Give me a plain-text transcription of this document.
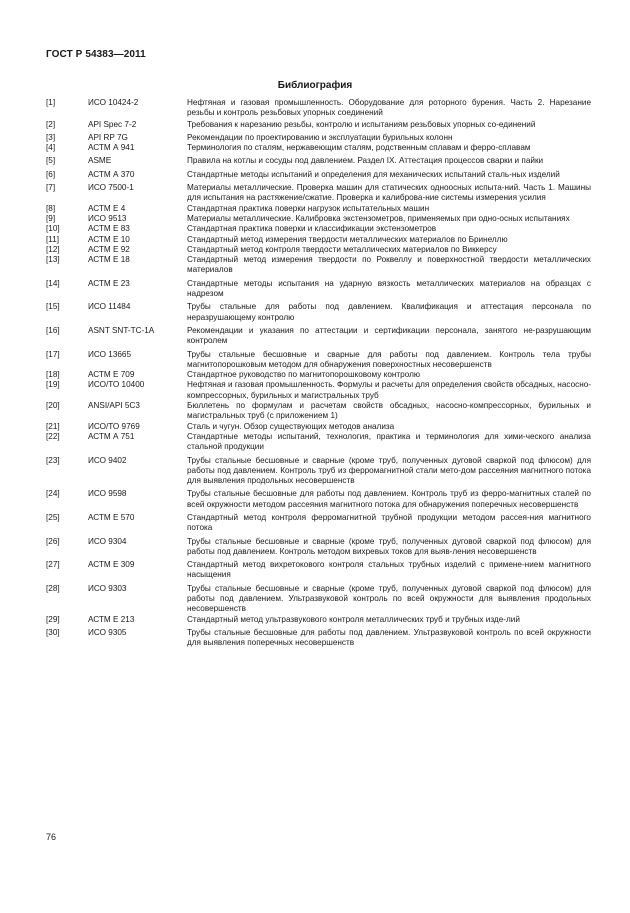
ГОСТ Р 54383—2011
Библиография
[1]	ИСО 10424-2	Нефтяная и газовая промышленность. Оборудование для роторного бурения. Часть 2. Нарезание резьбы и контроль резьбовых упорных соединений
[2]	API Spec 7-2	Требования к нарезанию резьбы, контролю и испытаниям резьбовых упорных со-единений
[3]	API RP 7G	Рекомендации по проектированию и эксплуатации бурильных колонн
[4]	АСТМ А 941	Терминология по сталям, нержавеющим сталям, родственным сплавам и ферро-сплавам
[5]	ASME	Правила на котлы и сосуды под давлением. Раздел IX. Аттестация процессов сварки и пайки
[6]	АСТМ А 370	Стандартные методы испытаний и определения для механических испытаний сталь-ных изделий
[7]	ИСО 7500-1	Материалы металлические. Проверка машин для статических одноосных испыта-ний. Часть 1. Машины для испытания на растяжение/сжатие. Проверка и калиброва-ние системы измерения усилия
[8]	АСТМ Е 4	Стандартная практика поверки нагрузок испытательных машин
[9]	ИСО 9513	Материалы металлические. Калибровка экстензометров, применяемых при одно-осных испытаниях
[10]	АСТМ Е 83	Стандартная практика поверки и классификации экстензометров
[11]	АСТМ Е 10	Стандартный метод измерения твердости металлических материалов по Бринеллю
[12]	АСТМ Е 92	Стандартный метод контроля твердости металлических материалов по Виккерсу
[13]	АСТМ Е 18	Стандартный метод измерения твердости по Роквеллу и поверхностной твердости металлических материалов
[14]	АСТМ Е 23	Стандартные методы испытания на ударную вязкость металлических материалов на образцах с надрезом
[15]	ИСО 11484	Трубы стальные для работы под давлением. Квалификация и аттестация персонала по неразрушающему контролю
[16]	ASNT SNT-TC-1A	Рекомендации и указания по аттестации и сертификации персонала, занятого не-разрушающим контролем
[17]	ИСО 13665	Трубы стальные бесшовные и сварные для работы под давлением. Контроль тела трубы магнитопорошковым методом для обнаружения поверхностных несовершенств
[18]	АСТМ Е 709	Стандартное руководство по магнитопорошковому контролю
[19]	ИСО/ТО 10400	Нефтяная и газовая промышленность. Формулы и расчеты для определения свойств обсадных, насосно-компрессорных, бурильных и магистральных труб
[20]	ANSI/API 5C3	Бюллетень по формулам и расчетам свойств обсадных, насосно-компрессорных, бурильных и магистральных труб (с приложением 1)
[21]	ИСО/ТО 9769	Сталь и чугун. Обзор существующих методов анализа
[22]	АСТМ А 751	Стандартные методы испытаний, технология, практика и терминология для хими-ческого анализа стальной продукции
[23]	ИСО 9402	Трубы стальные бесшовные и сварные (кроме труб, полученных дуговой сваркой под флюсом) для работы под давлением. Контроль труб из ферромагнитной стали мето-дом рассеяния магнитного потока для выявления продольных несовершенств
[24]	ИСО 9598	Трубы стальные бесшовные для работы под давлением. Контроль труб из ферро-магнитных сталей по всей окружности методом рассеяния магнитного потока для обнаружения поперечных несовершенств
[25]	АСТМ Е 570	Стандартный метод контроля ферромагнитной трубной продукции методом рассея-ния магнитного потока
[26]	ИСО 9304	Трубы стальные бесшовные и сварные (кроме труб, полученных дуговой сваркой под флюсом) для работы под давлением. Контроль методом вихревых токов для выяв-ления несовершенств
[27]	АСТМ Е 309	Стандартный метод вихретокового контроля стальных трубных изделий с примене-нием магнитного насыщения
[28]	ИСО 9303	Трубы стальные бесшовные и сварные (кроме труб, полученных дуговой сваркой под флюсом) для работы под давлением. Ультразвуковой контроль по всей окружности для выявления продольных несовершенств
[29]	АСТМ Е 213	Стандартный метод ультразвукового контроля металлических труб и трубных изде-лий
[30]	ИСО 9305	Трубы стальные бесшовные для работы под давлением. Ультразвуковой контроль по всей окружности для выявления поперечных несовершенств
76
